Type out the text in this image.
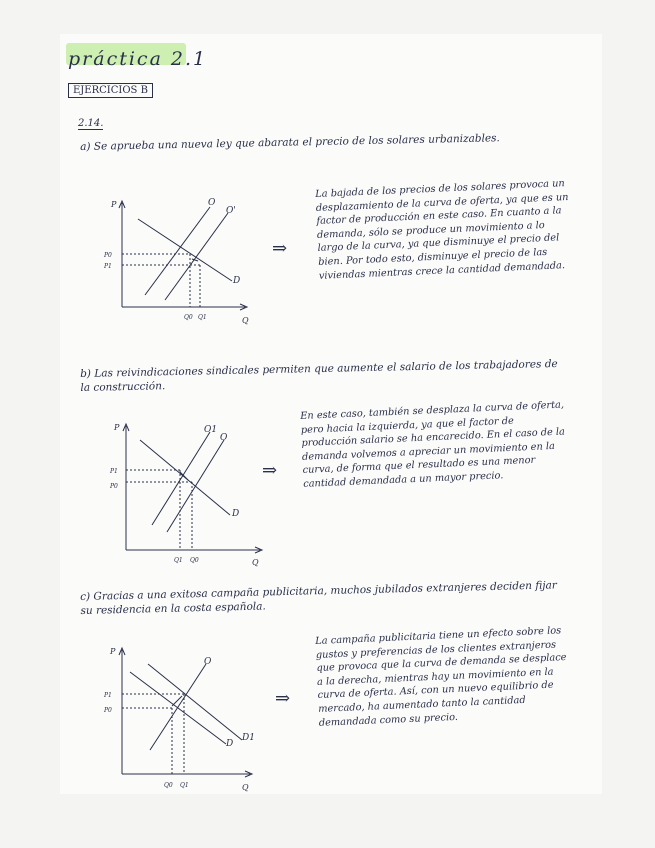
práctica 2.1
EJERCICIOS B
2.14.
a) Se aprueba una nueva ley que abarata el precio de los solares urbanizables.
P
Q
O
O'
D
P0
P1
Q0 Q1
⇒
La bajada de los precios de los solares provoca un desplazamiento de la curva de oferta, ya que es un factor de producción en este caso. En cuanto a la demanda, sólo se produce un movimiento a lo largo de la curva, ya que disminuye el precio del bien. Por todo esto, disminuye el precio de las viviendas mientras crece la cantidad demandada.
b) Las reivindicaciones sindicales permiten que aumente el salario de los trabajadores de la construcción.
P
Q
O1
O
D
P1
P0
Q1 Q0
⇒
En este caso, también se desplaza la curva de oferta, pero hacia la izquierda, ya que el factor de producción salario se ha encarecido. En el caso de la demanda volvemos a apreciar un movimiento en la curva, de forma que el resultado es una menor cantidad demandada a un mayor precio.
c) Gracias a una exitosa campaña publicitaria, muchos jubilados extranjeres deciden fijar su residencia en la costa española.
P
Q
O
D
D1
P1
P0
Q0 Q1
⇒
La campaña publicitaria tiene un efecto sobre los gustos y preferencias de los clientes extranjeros que provoca que la curva de demanda se desplace a la derecha, mientras hay un movimiento en la curva de oferta. Así, con un nuevo equilibrio de mercado, ha aumentado tanto la cantidad demandada como su precio.
